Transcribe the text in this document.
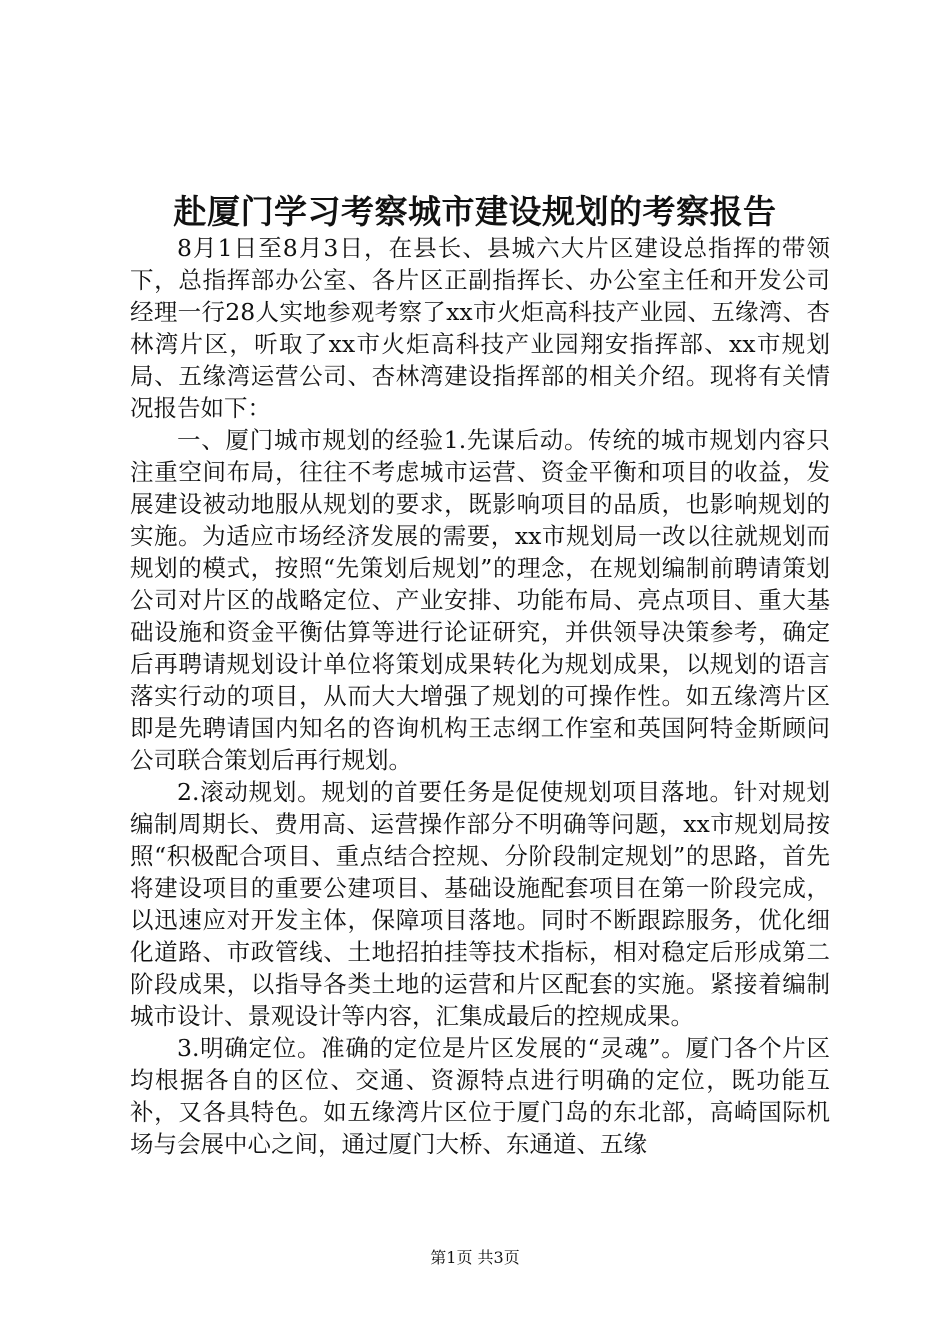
赴厦门学习考察城市建设规划的考察报告

8月1日至8月3日，在县长、县城六大片区建设总指挥的带领下，总指挥部办公室、各片区正副指挥长、办公室主任和开发公司经理一行28人实地参观考察了xx市火炬高科技产业园、五缘湾、杏林湾片区，听取了xx市火炬高科技产业园翔安指挥部、xx市规划局、五缘湾运营公司、杏林湾建设指挥部的相关介绍。现将有关情况报告如下：

一、厦门城市规划的经验1.先谋后动。传统的城市规划内容只注重空间布局，往往不考虑城市运营、资金平衡和项目的收益，发展建设被动地服从规划的要求，既影响项目的品质，也影响规划的实施。为适应市场经济发展的需要，xx市规划局一改以往就规划而规划的模式，按照“先策划后规划”的理念，在规划编制前聘请策划公司对片区的战略定位、产业安排、功能布局、亮点项目、重大基础设施和资金平衡估算等进行论证研究，并供领导决策参考，确定后再聘请规划设计单位将策划成果转化为规划成果，以规划的语言落实行动的项目，从而大大增强了规划的可操作性。如五缘湾片区即是先聘请国内知名的咨询机构王志纲工作室和英国阿特金斯顾问公司联合策划后再行规划。

2.滚动规划。规划的首要任务是促使规划项目落地。针对规划编制周期长、费用高、运营操作部分不明确等问题，xx市规划局按照“积极配合项目、重点结合控规、分阶段制定规划”的思路，首先将建设项目的重要公建项目、基础设施配套项目在第一阶段完成，以迅速应对开发主体，保障项目落地。同时不断跟踪服务，优化细化道路、市政管线、土地招拍挂等技术指标，相对稳定后形成第二阶段成果，以指导各类土地的运营和片区配套的实施。紧接着编制城市设计、景观设计等内容，汇集成最后的控规成果。

3.明确定位。准确的定位是片区发展的“灵魂”。厦门各个片区均根据各自的区位、交通、资源特点进行明确的定位，既功能互补，又各具特色。如五缘湾片区位于厦门岛的东北部，高崎国际机场与会展中心之间，通过厦门大桥、东通道、五缘

第1页 共3页
